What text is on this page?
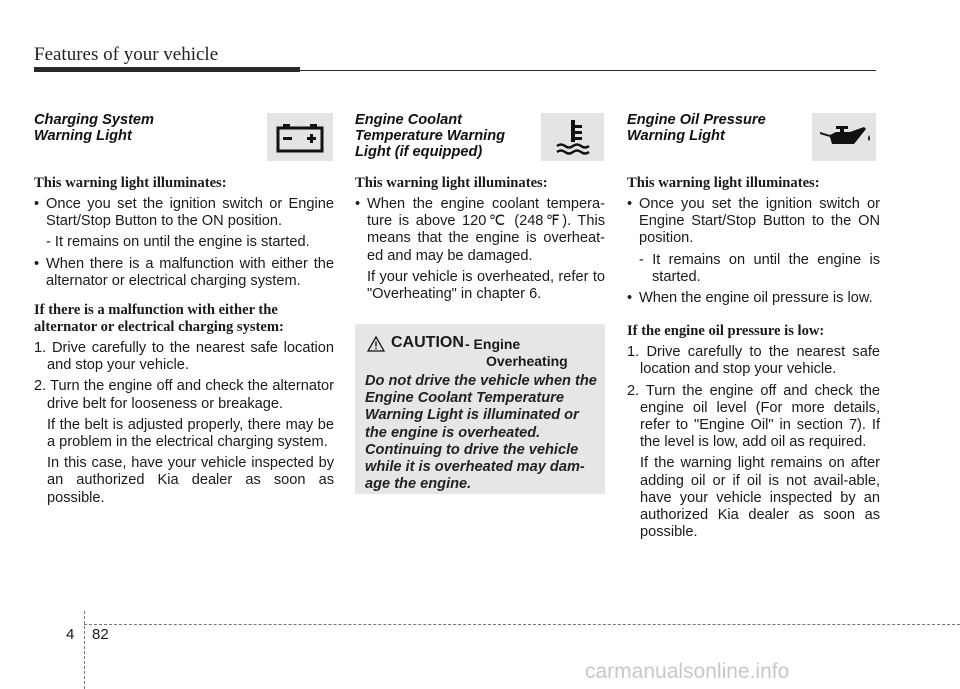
Features of your vehicle
Charging System
Warning Light

This warning light illuminates:

• Once you set the ignition switch or Engine Start/Stop Button to the ON position.

- It remains on until the engine is started.

• When there is a malfunction with either the alternator or electrical charging system.

If there is a malfunction with either the alternator or electrical charging system:

1. Drive carefully to the nearest safe location and stop your vehicle.

2. Turn the engine off and check the alternator drive belt for looseness or breakage.

If the belt is adjusted properly, there may be a problem in the electrical charging system.

In this case, have your vehicle inspected by an authorized Kia dealer as soon as possible.

Engine Coolant
Temperature Warning
Light (if equipped)

This warning light illuminates:

• When the engine coolant tempera-ture is above 120℃ (248℉). This means that the engine is overheat-ed and may be damaged.

If your vehicle is overheated, refer to "Overheating" in chapter 6.

CAUTION - Engine
Overheating

Do not drive the vehicle when the Engine Coolant Temperature Warning Light is illuminated or the engine is overheated. Continuing to drive the vehicle while it is overheated may dam-age the engine.

Engine Oil Pressure
Warning Light

This warning light illuminates:

• Once you set the ignition switch or Engine Start/Stop Button to the ON position.

- It remains on until the engine is started.

• When the engine oil pressure is low.

If the engine oil pressure is low:

1. Drive carefully to the nearest safe location and stop your vehicle.

2. Turn the engine off and check the engine oil level (For more details, refer to "Engine Oil" in section 7). If the level is low, add oil as required.

If the warning light remains on after adding oil or if oil is not avail-able, have your vehicle inspected by an authorized Kia dealer as soon as possible.

4 82
carmanualsonline.info
